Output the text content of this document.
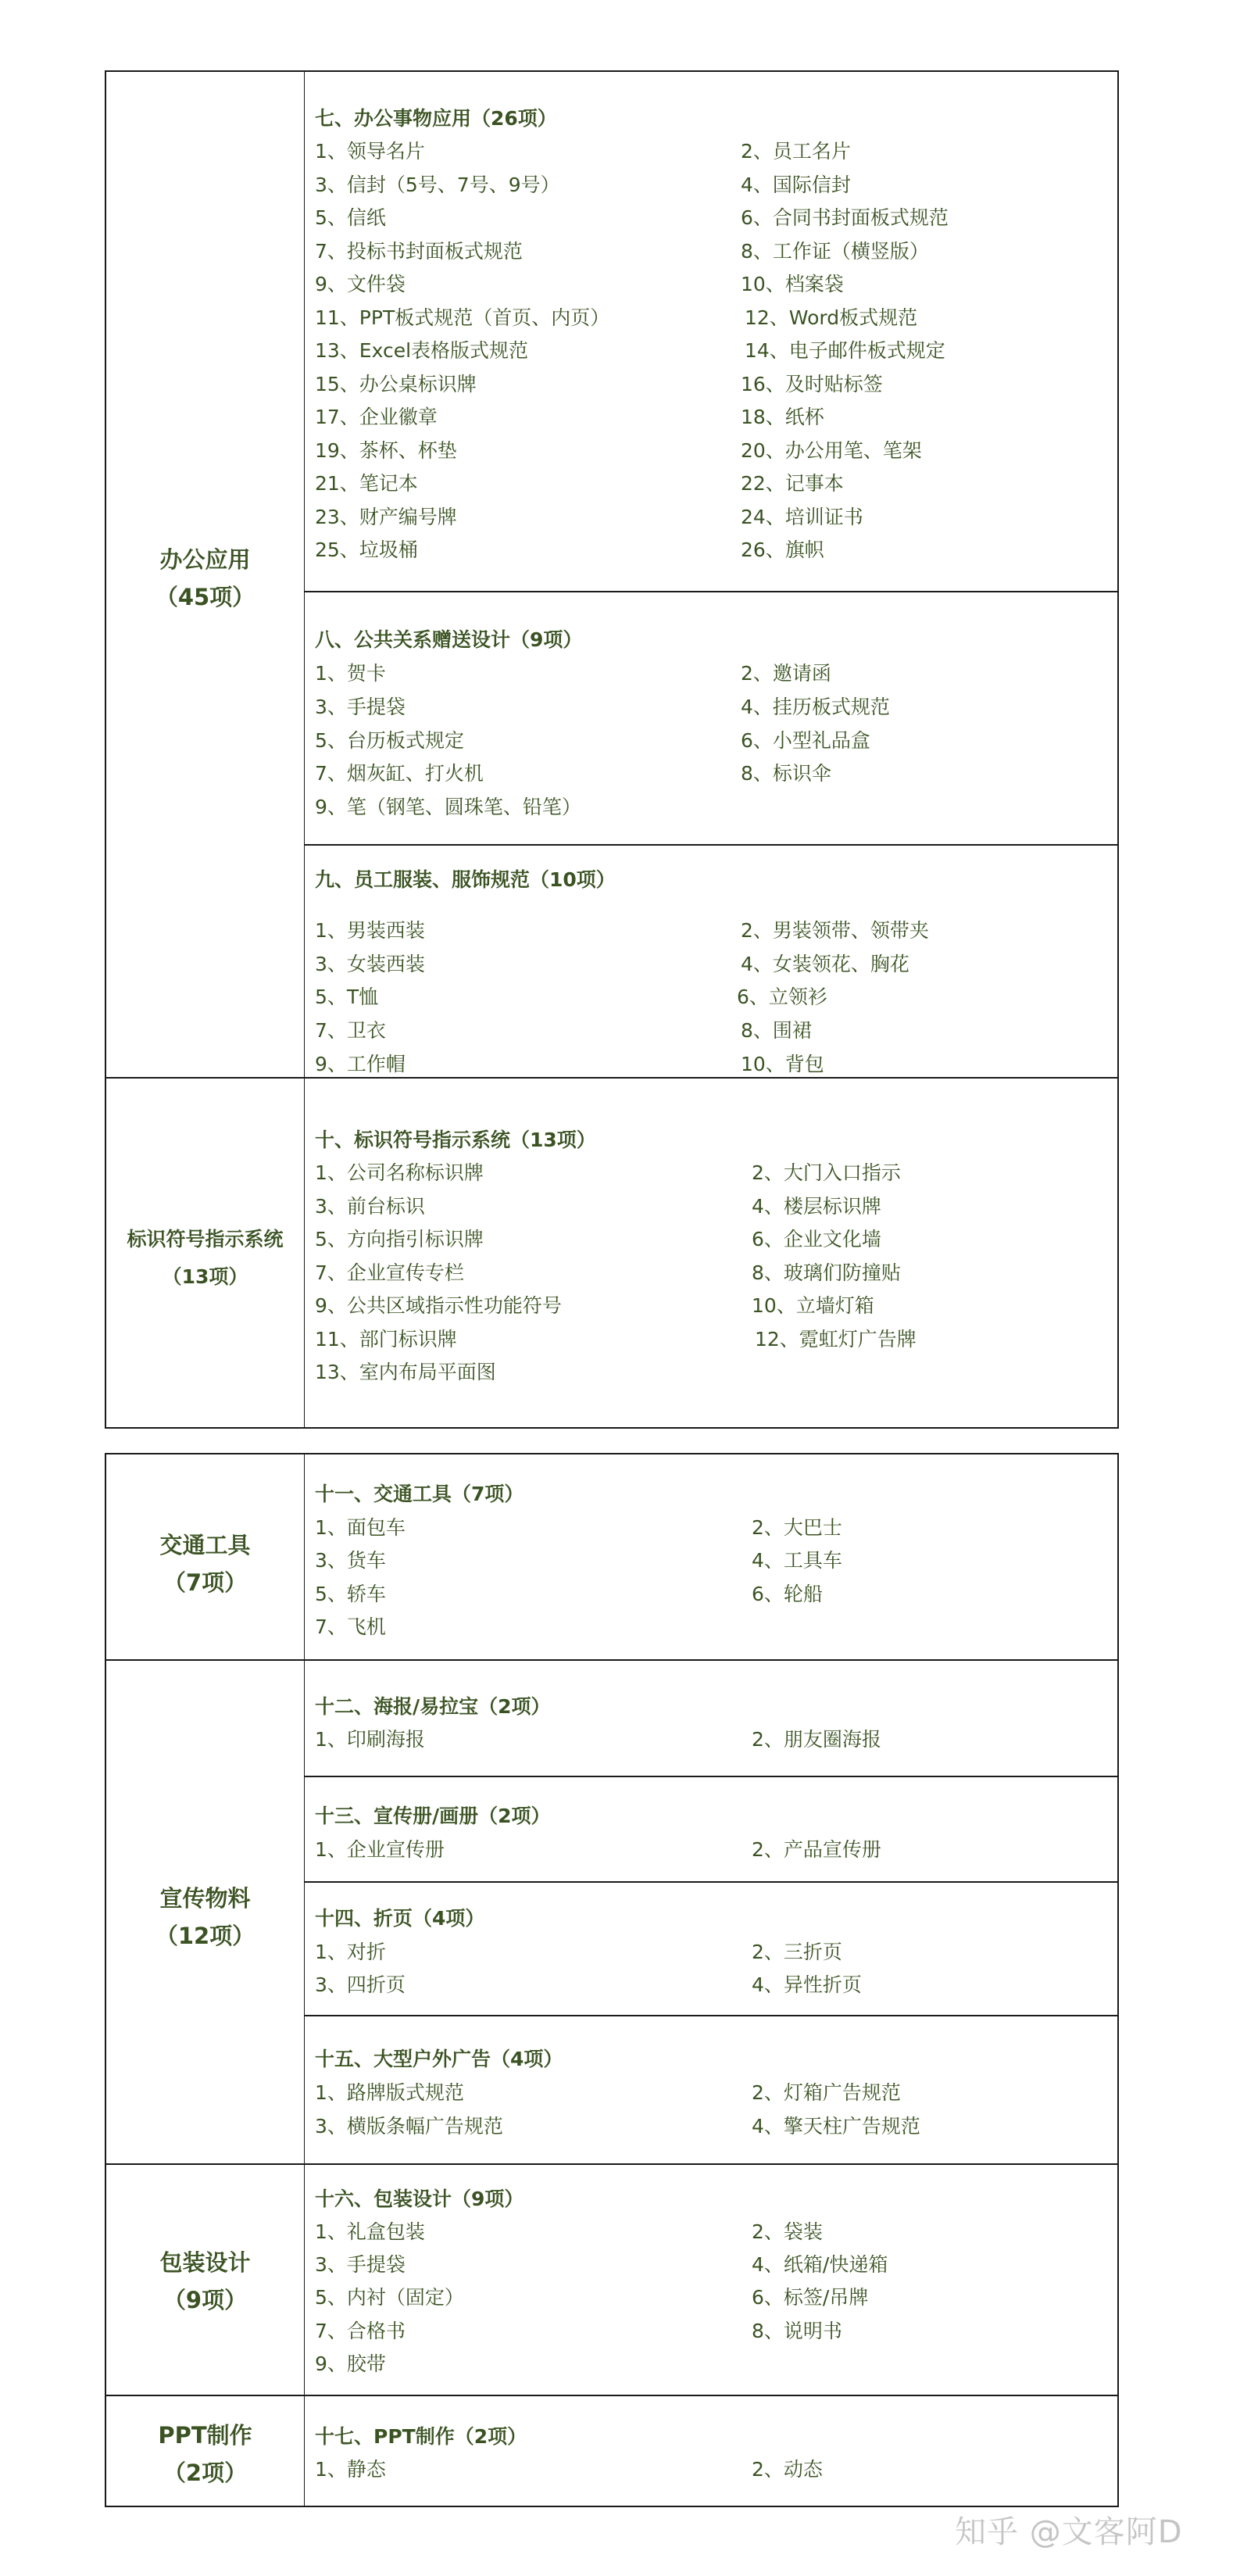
办公应用
（45项）
七、办公事物应用（26项）
1、领导名片	2、员工名片
3、信封（5号、7号、9号）	4、国际信封
5、信纸	6、合同书封面板式规范
7、投标书封面板式规范	8、工作证（横竖版）
9、文件袋	10、档案袋
11、PPT板式规范（首页、内页）	12、Word板式规范
13、Excel表格版式规范	14、电子邮件板式规定
15、办公桌标识牌	16、及时贴标签
17、企业徽章	18、纸杯
19、茶杯、杯垫	20、办公用笔、笔架
21、笔记本	22、记事本
23、财产编号牌	24、培训证书
25、垃圾桶	26、旗帜
八、公共关系赠送设计（9项）
1、贺卡	2、邀请函
3、手提袋	4、挂历板式规范
5、台历板式规定	6、小型礼品盒
7、烟灰缸、打火机	8、标识伞
9、笔（钢笔、圆珠笔、铅笔）
九、员工服装、服饰规范（10项）
1、男装西装	2、男装领带、领带夹
3、女装西装	4、女装领花、胸花
5、T恤	6、立领衫
7、卫衣	8、围裙
9、工作帽	10、背包
标识符号指示系统
（13项）
十、标识符号指示系统（13项）
1、公司名称标识牌	2、大门入口指示
3、前台标识	4、楼层标识牌
5、方向指引标识牌	6、企业文化墙
7、企业宣传专栏	8、玻璃们防撞贴
9、公共区域指示性功能符号	10、立墙灯箱
11、部门标识牌	12、霓虹灯广告牌
13、室内布局平面图
交通工具
（7项）
十一、交通工具（7项）
1、面包车	2、大巴士
3、货车	4、工具车
5、轿车	6、轮船
7、飞机
宣传物料
（12项）
十二、海报/易拉宝（2项）
1、印刷海报	2、朋友圈海报
十三、宣传册/画册（2项）
1、企业宣传册	2、产品宣传册
十四、折页（4项）
1、对折	2、三折页
3、四折页	4、异性折页
十五、大型户外广告（4项）
1、路牌版式规范	2、灯箱广告规范
3、横版条幅广告规范	4、擎天柱广告规范
包装设计
（9项）
十六、包装设计（9项）
1、礼盒包装	2、袋装
3、手提袋	4、纸箱/快递箱
5、内衬（固定）	6、标签/吊牌
7、合格书	8、说明书
9、胶带
PPT制作
（2项）
十七、PPT制作（2项）
1、静态	2、动态
知乎 @文客阿D
